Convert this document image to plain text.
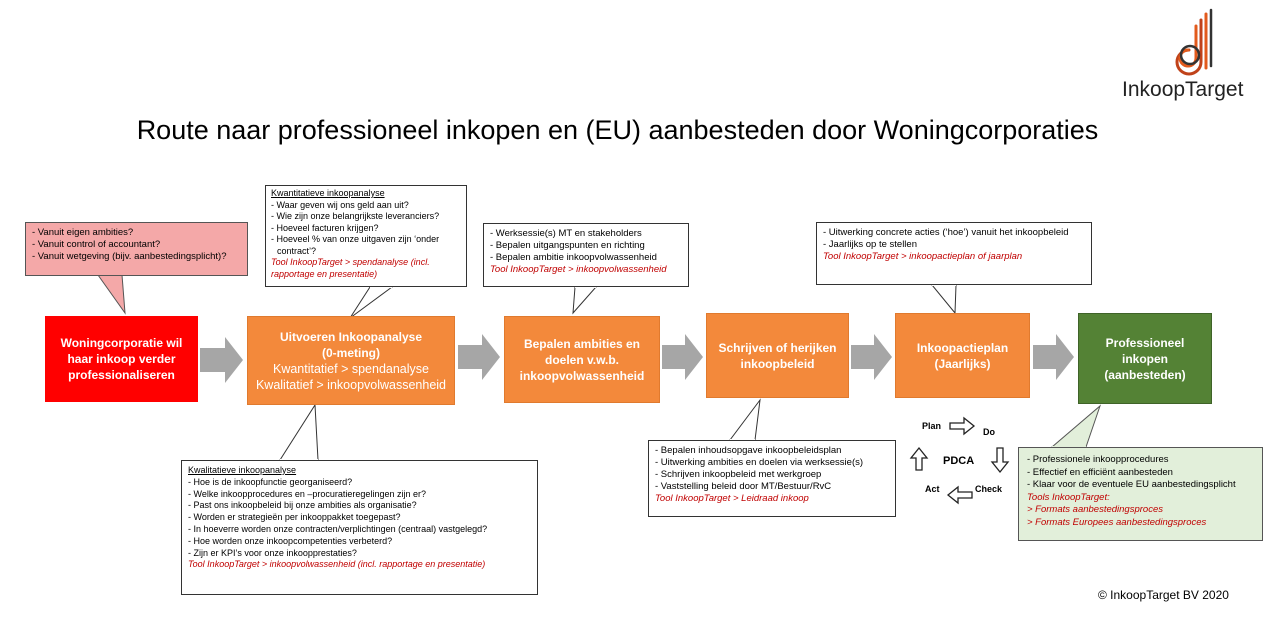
InkoopTarget
Route naar professioneel inkopen en (EU) aanbesteden door Woningcorporaties
Woningcorporatie wil
haar inkoop verder
professionaliseren
Uitvoeren Inkoopanalyse
(0-meting)
Kwantitatief > spendanalyse
Kwalitatief > inkoopvolwassenheid
Bepalen ambities en
doelen v.w.b.
inkoopvolwassenheid
Schrijven of herijken
inkoopbeleid
Inkoopactieplan
(Jaarlijks)
Professioneel
inkopen
(aanbesteden)
- Vanuit eigen ambities?
- Vanuit control of accountant?
- Vanuit wetgeving (bijv. aanbestedingsplicht)?
Kwantitatieve inkoopanalyse
- Waar geven wij ons geld aan uit?
- Wie zijn onze belangrijkste leveranciers?
- Hoeveel facturen krijgen?
- Hoeveel % van onze uitgaven zijn ‘onder
contract’?
Tool InkoopTarget > spendanalyse (incl.
rapportage en presentatie)
Kwalitatieve inkoopanalyse
- Hoe is de inkoopfunctie georganiseerd?
- Welke inkoopprocedures en –procuratieregelingen zijn er?
- Past ons inkoopbeleid bij onze ambities als organisatie?
- Worden er strategieën per inkooppakket toegepast?
- In hoeverre worden onze contracten/verplichtingen (centraal) vastgelegd?
- Hoe worden onze inkoopcompetenties verbeterd?
- Zijn er KPI’s voor onze inkoopprestaties?
Tool InkoopTarget > inkoopvolwassenheid (incl. rapportage en presentatie)
- Werksessie(s) MT en stakeholders
- Bepalen uitgangspunten en richting
- Bepalen ambitie inkoopvolwassenheid
Tool InkoopTarget > inkoopvolwassenheid
- Bepalen inhoudsopgave inkoopbeleidsplan
- Uitwerking ambities en doelen via werksessie(s)
- Schrijven inkoopbeleid met werkgroep
- Vaststelling beleid door MT/Bestuur/RvC
Tool InkoopTarget > Leidraad inkoop
- Uitwerking concrete acties (‘hoe’) vanuit het inkoopbeleid
- Jaarlijks op te stellen
Tool InkoopTarget > inkoopactieplan of jaarplan
- Professionele inkoopprocedures
- Effectief en efficiënt aanbesteden
- Klaar voor de eventuele EU aanbestedingsplicht
Tools InkoopTarget:
> Formats aanbestedingsproces
> Formats Europees aanbestedingsproces
Plan
Do
Check
Act
PDCA
© InkoopTarget BV 2020
